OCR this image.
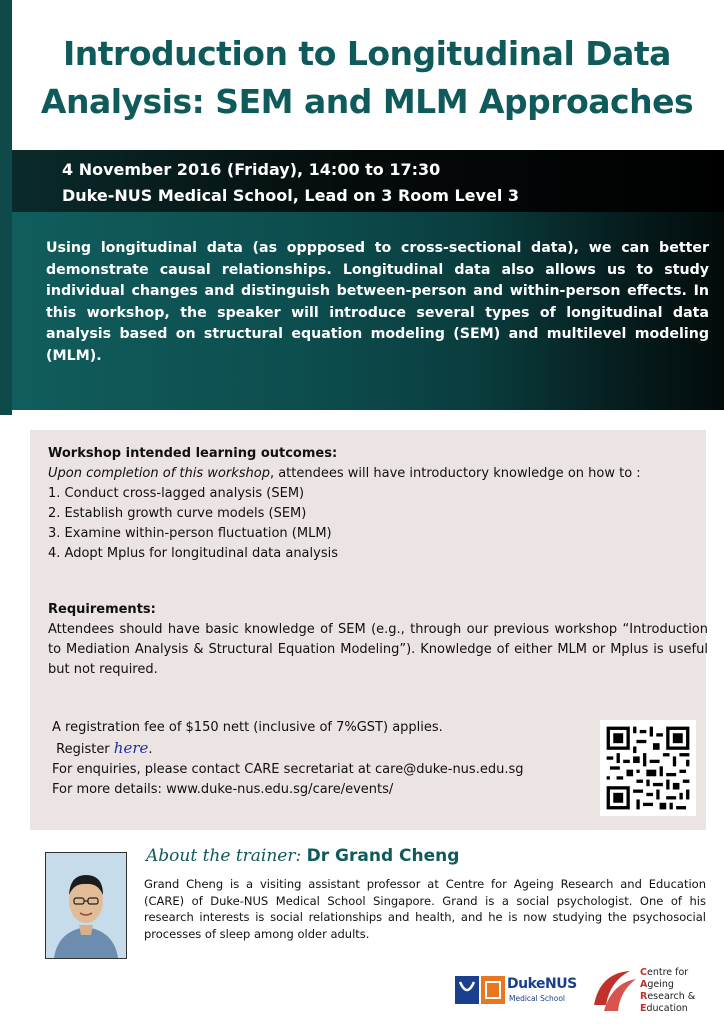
Introduction to Longitudinal Data
Analysis: SEM and MLM Approaches
4 November 2016 (Friday), 14:00 to 17:30
Duke-NUS Medical School, Lead on 3 Room Level 3
Using longitudinal data (as oppposed to cross-sectional data), we can better demonstrate causal relationships. Longitudinal data also allows us to study individual changes and distinguish between-person and within-person effects. In this workshop, the speaker will introduce several types of longitudinal data analysis based on structural equation modeling (SEM) and multilevel modeling (MLM).
Workshop intended learning outcomes:
Upon completion of this workshop, attendees will have introductory knowledge on how to :
1. Conduct cross-lagged analysis (SEM)
2. Establish growth curve models (SEM)
3. Examine within-person fluctuation (MLM)
4. Adopt Mplus for longitudinal data analysis
Requirements:
Attendees should have basic knowledge of SEM (e.g., through our previous workshop “Introduction to Mediation Analysis & Structural Equation Modeling”). Knowledge of either MLM or Mplus is useful but not required.
A registration fee of $150 nett (inclusive of 7%GST) applies.
Register here.
For enquiries, please contact CARE secretariat at care@duke-nus.edu.sg
For more details: www.duke-nus.edu.sg/care/events/
About the trainer: Dr Grand Cheng
Grand Cheng is a visiting assistant professor at Centre for Ageing Research and Education (CARE) of Duke-NUS Medical School Singapore. Grand is a social psychologist. One of his research interests is social relationships and health, and he is now studying the psychosocial processes of sleep among older adults.
DukeNUS
Medical School
Centre for
Ageing
Research &
Education
